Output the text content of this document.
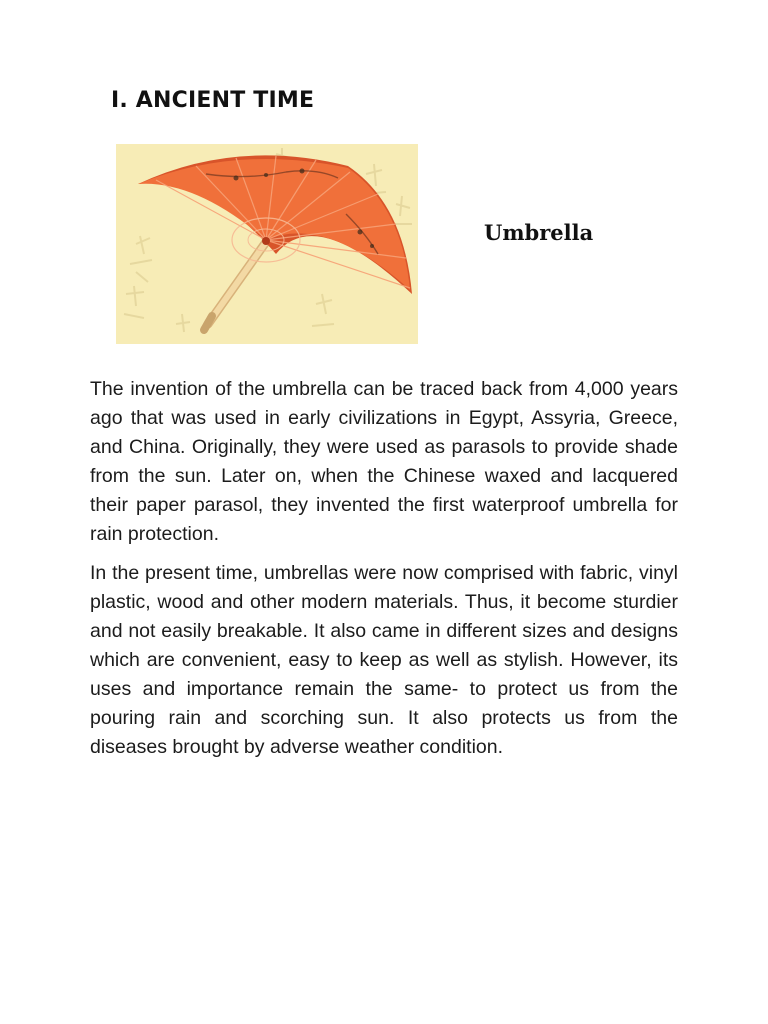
I. ANCIENT TIME
Umbrella

The invention of the umbrella can be traced back from 4,000 years ago that was used in early civilizations in Egypt, Assyria, Greece, and China. Originally, they were used as parasols to provide shade from the sun. Later on, when the Chinese waxed and lacquered their paper parasol, they invented the first waterproof umbrella for rain protection.

In the present time, umbrellas were now comprised with fabric, vinyl plastic, wood and other modern materials. Thus, it become sturdier and not easily breakable. It also came in different sizes and designs which are convenient, easy to keep as well as stylish. However, its uses and importance remain the same- to protect us from the pouring rain and scorching sun. It also protects us from the diseases brought by adverse weather condition.
